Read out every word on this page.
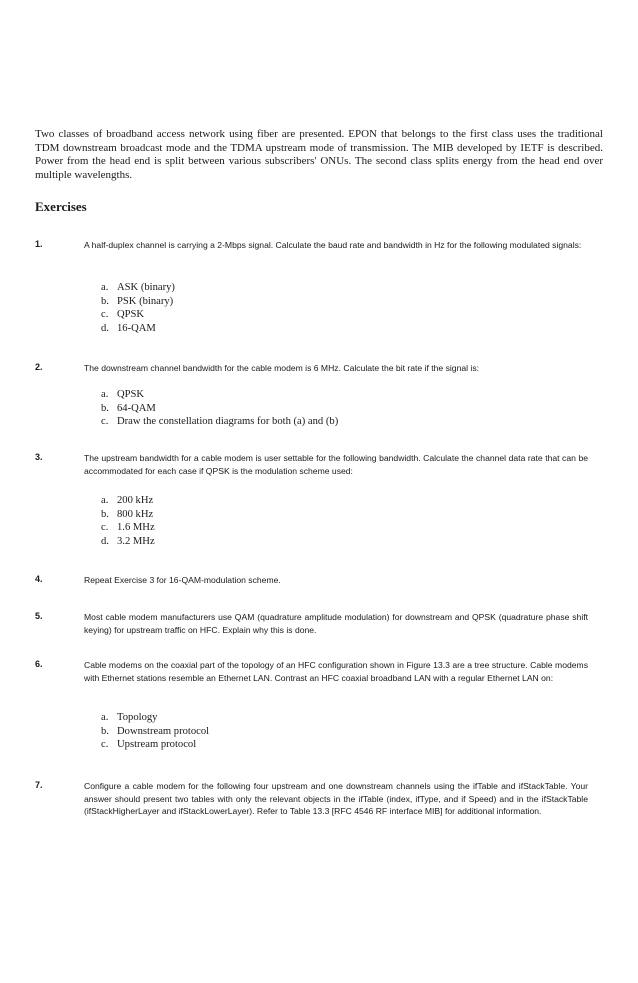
Two classes of broadband access network using fiber are presented. EPON that belongs to the first class uses the traditional TDM downstream broadcast mode and the TDMA upstream mode of transmission. The MIB developed by IETF is described. Power from the head end is split between various subscribers' ONUs. The second class splits energy from the head end over multiple wavelengths.

Exercises
1.	A half-duplex channel is carrying a 2-Mbps signal. Calculate the baud rate and bandwidth in Hz for the following modulated signals:
a. ASK (binary)
b. PSK (binary)
c. QPSK
d. 16-QAM
2.	The downstream channel bandwidth for the cable modem is 6 MHz. Calculate the bit rate if the signal is:
a. QPSK
b. 64-QAM
c. Draw the constellation diagrams for both (a) and (b)
3.	The upstream bandwidth for a cable modem is user settable for the following bandwidth. Calculate the channel data rate that can be accommodated for each case if QPSK is the modulation scheme used:
a. 200 kHz
b. 800 kHz
c. 1.6 MHz
d. 3.2 MHz
4.	Repeat Exercise 3 for 16-QAM-modulation scheme.
5.	Most cable modem manufacturers use QAM (quadrature amplitude modulation) for downstream and QPSK (quadrature phase shift keying) for upstream traffic on HFC. Explain why this is done.
6.	Cable modems on the coaxial part of the topology of an HFC configuration shown in Figure 13.3 are a tree structure. Cable modems with Ethernet stations resemble an Ethernet LAN. Contrast an HFC coaxial broadband LAN with a regular Ethernet LAN on:
a. Topology
b. Downstream protocol
c. Upstream protocol
7.	Configure a cable modem for the following four upstream and one downstream channels using the ifTable and ifStackTable. Your answer should present two tables with only the relevant objects in the ifTable (index, ifType, and if Speed) and in the ifStackTable (ifStackHigherLayer and ifStackLowerLayer). Refer to Table 13.3 [RFC 4546 RF interface MIB] for additional information.
